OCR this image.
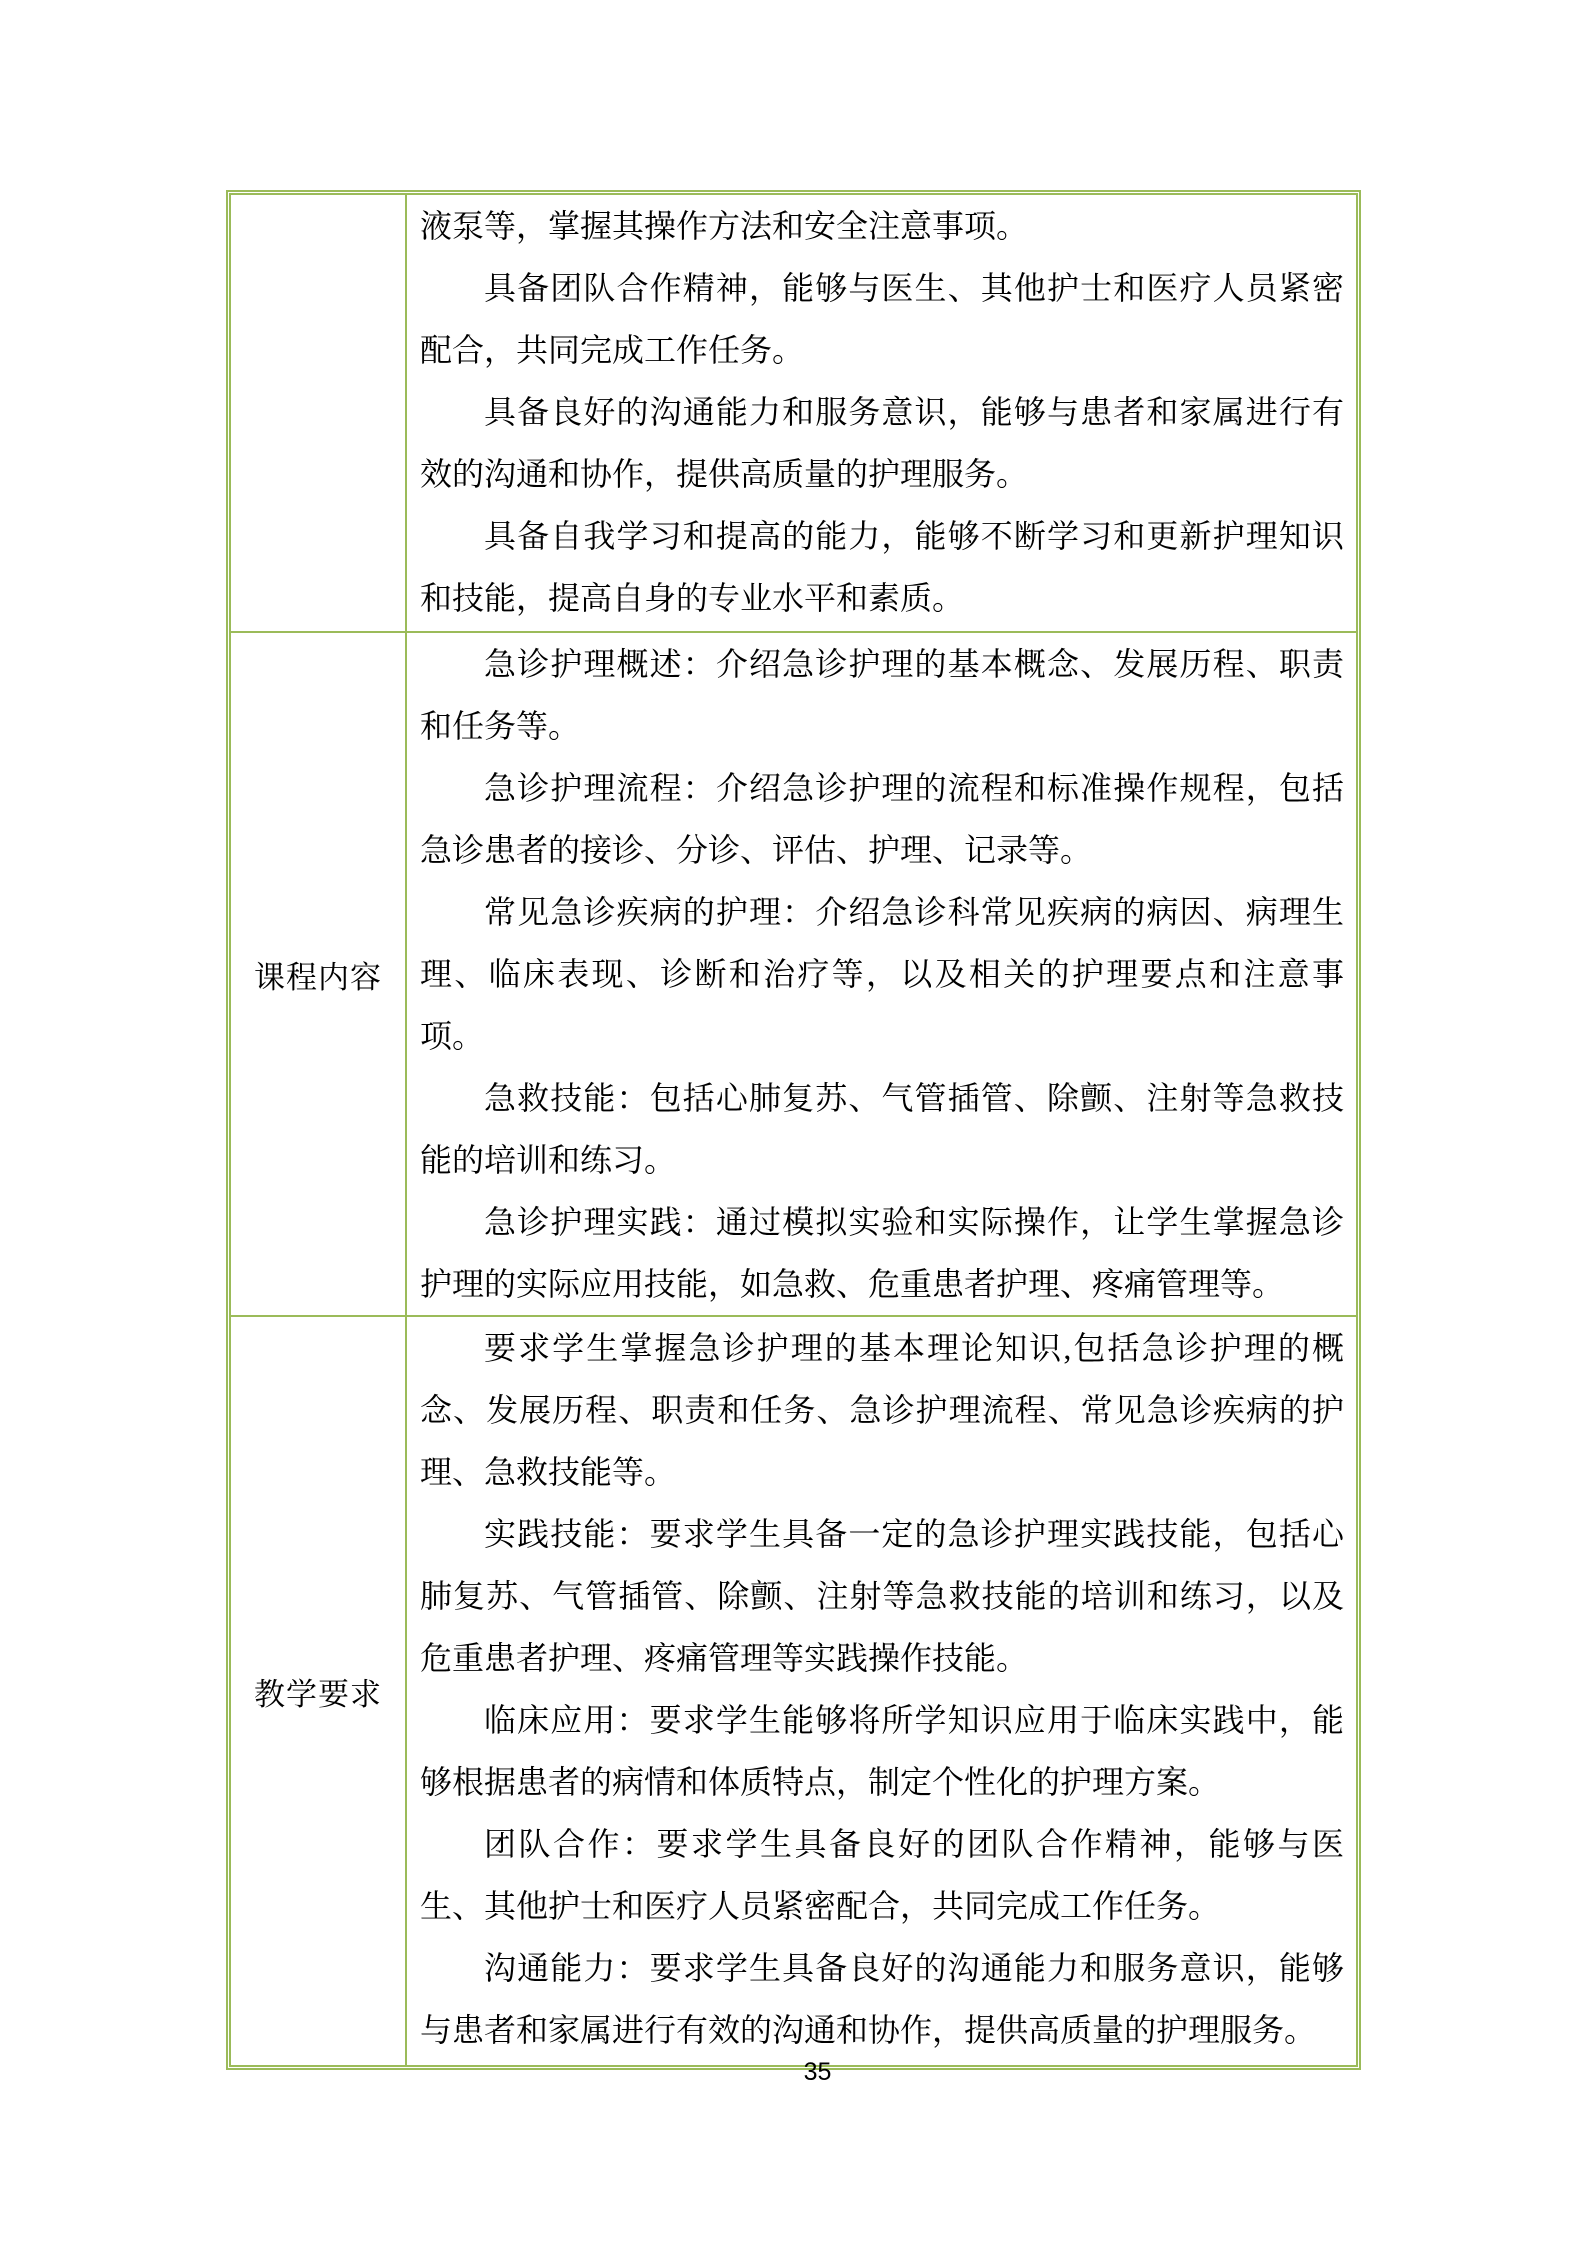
液泵等，掌握其操作方法和安全注意事项。

具备团队合作精神，能够与医生、其他护士和医疗人员紧密配合，共同完成工作任务。

具备良好的沟通能力和服务意识，能够与患者和家属进行有效的沟通和协作，提供高质量的护理服务。

具备自我学习和提高的能力，能够不断学习和更新护理知识和技能，提高自身的专业水平和素质。

课程内容

急诊护理概述：介绍急诊护理的基本概念、发展历程、职责和任务等。

急诊护理流程：介绍急诊护理的流程和标准操作规程，包括急诊患者的接诊、分诊、评估、护理、记录等。

常见急诊疾病的护理：介绍急诊科常见疾病的病因、病理生理、临床表现、诊断和治疗等，以及相关的护理要点和注意事项。

急救技能：包括心肺复苏、气管插管、除颤、注射等急救技能的培训和练习。

急诊护理实践：通过模拟实验和实际操作，让学生掌握急诊护理的实际应用技能，如急救、危重患者护理、疼痛管理等。

教学要求

要求学生掌握急诊护理的基本理论知识,包括急诊护理的概念、发展历程、职责和任务、急诊护理流程、常见急诊疾病的护理、急救技能等。

实践技能：要求学生具备一定的急诊护理实践技能，包括心肺复苏、气管插管、除颤、注射等急救技能的培训和练习，以及危重患者护理、疼痛管理等实践操作技能。

临床应用：要求学生能够将所学知识应用于临床实践中，能够根据患者的病情和体质特点，制定个性化的护理方案。

团队合作：要求学生具备良好的团队合作精神，能够与医生、其他护士和医疗人员紧密配合，共同完成工作任务。

沟通能力：要求学生具备良好的沟通能力和服务意识，能够与患者和家属进行有效的沟通和协作，提供高质量的护理服务。

35
